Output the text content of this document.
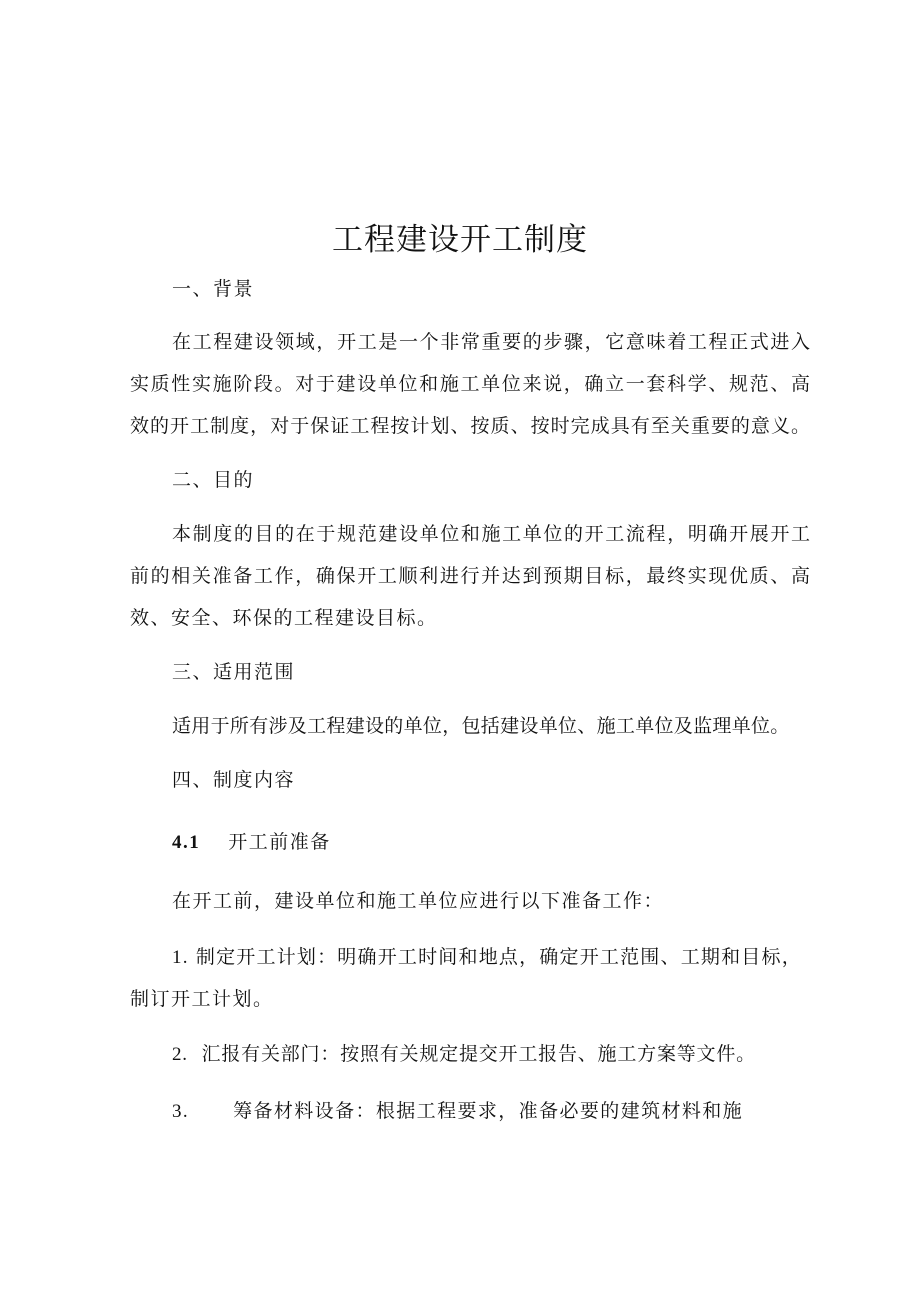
工程建设开工制度
一、背景
在工程建设领域，开工是一个非常重要的步骤，它意味着工程正式进入
实质性实施阶段。对于建设单位和施工单位来说，确立一套科学、规范、高
效的开工制度，对于保证工程按计划、按质、按时完成具有至关重要的意义。
二、目的
本制度的目的在于规范建设单位和施工单位的开工流程，明确开展开工
前的相关准备工作，确保开工顺利进行并达到预期目标，最终实现优质、高
效、安全、环保的工程建设目标。
三、适用范围
适用于所有涉及工程建设的单位，包括建设单位、施工单位及监理单位。
四、制度内容
4.1 开工前准备
在开工前，建设单位和施工单位应进行以下准备工作：
1. 制定开工计划：明确开工时间和地点，确定开工范围、工期和目标，
制订开工计划。
2. 汇报有关部门：按照有关规定提交开工报告、施工方案等文件。
3. 筹备材料设备：根据工程要求，准备必要的建筑材料和施
